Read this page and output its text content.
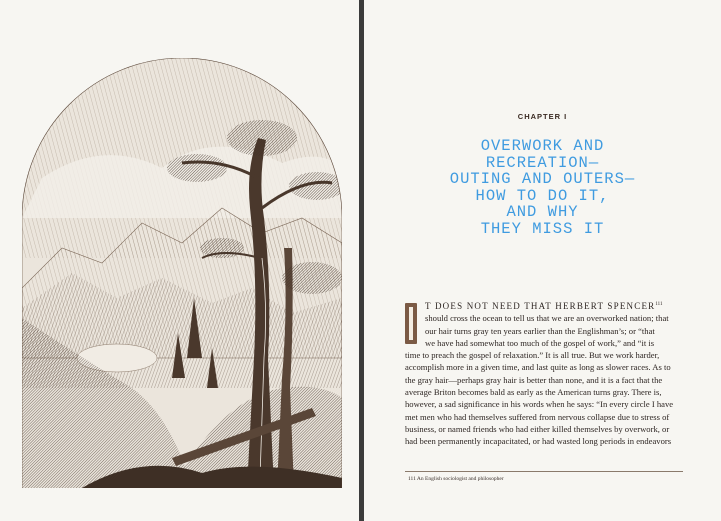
CHAPTER I
OVERWORK AND
RECREATION—
OUTING AND OUTERS—
HOW TO DO IT,
AND WHY
THEY MISS IT
T DOES NOT NEED THAT HERBERT SPENCER$^{111}$
should cross the ocean to tell us that we are an overworked nation; that
our hair turns gray ten years earlier than the Englishman’s; or “that
we have had somewhat too much of the gospel of work,” and “it is
time to preach the gospel of relaxation.” It is all true. But we work harder,
accomplish more in a given time, and last quite as long as slower races. As to
the gray hair—perhaps gray hair is better than none, and it is a fact that the
average Briton becomes bald as early as the American turns gray. There is,
however, a sad significance in his words when he says: “In every circle I have
met men who had themselves suffered from nervous collapse due to stress of
business, or named friends who had either killed themselves by overwork, or
had been permanently incapacitated, or had wasted long periods in endeavors
111 An English sociologist and philosopher
